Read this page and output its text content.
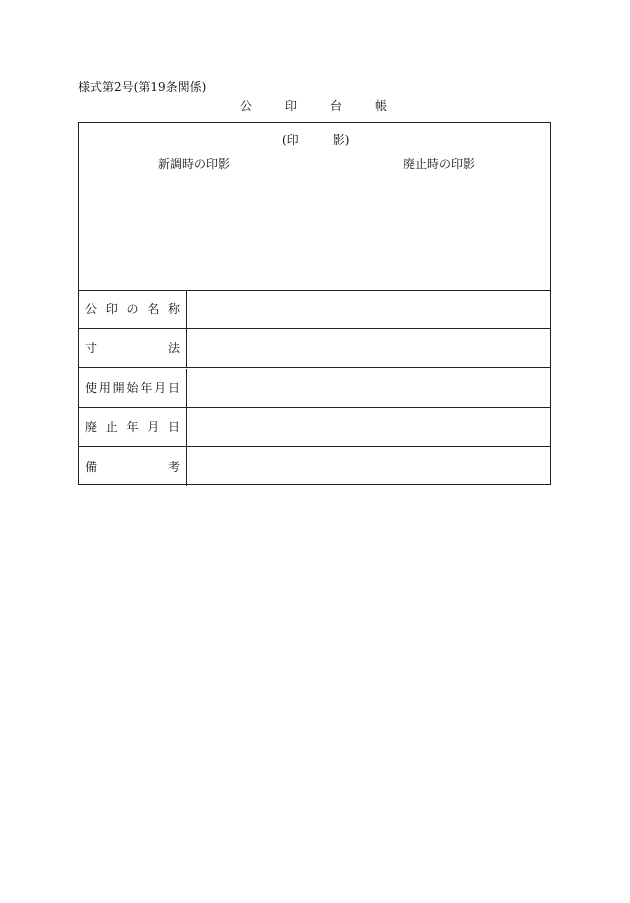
様式第2号(第19条関係)
公	印	台	帳
(印	影)
新調時の印影	廃止時の印影
公 印 の 名 称
寸	法
使 用 開 始 年 月 日
廃 止 年 月 日
備	考
